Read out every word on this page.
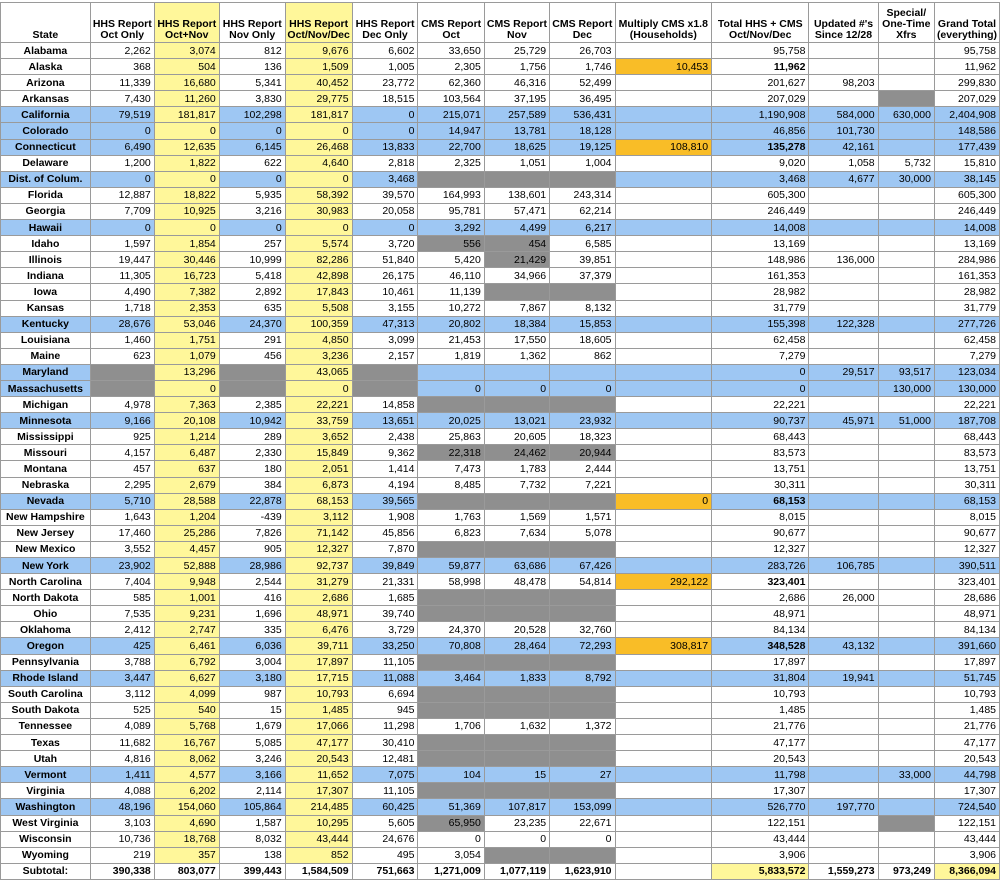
State	HHS Report Oct Only	HHS Report Oct+Nov	HHS Report Nov Only	HHS Report Oct/Nov/Dec	HHS Report Dec Only	CMS Report Oct	CMS Report Nov	CMS Report Dec	Multiply CMS x1.8 (Households)	Total HHS + CMS Oct/Nov/Dec	Updated #'s Since 12/28	Special/ One-Time Xfrs	Grand Total (everything)
Alabama	2,262	3,074	812	9,676	6,602	33,650	25,729	26,703		95,758			95,758
Alaska	368	504	136	1,509	1,005	2,305	1,756	1,746	10,453	11,962			11,962
Arizona	11,339	16,680	5,341	40,452	23,772	62,360	46,316	52,499		201,627	98,203		299,830
Arkansas	7,430	11,260	3,830	29,775	18,515	103,564	37,195	36,495		207,029			207,029
California	79,519	181,817	102,298	181,817	0	215,071	257,589	536,431		1,190,908	584,000	630,000	2,404,908
Colorado	0	0	0	0	0	14,947	13,781	18,128		46,856	101,730		148,586
Connecticut	6,490	12,635	6,145	26,468	13,833	22,700	18,625	19,125	108,810	135,278	42,161		177,439
Delaware	1,200	1,822	622	4,640	2,818	2,325	1,051	1,004		9,020	1,058	5,732	15,810
Dist. of Colum.	0	0	0	0	3,468					3,468	4,677	30,000	38,145
Florida	12,887	18,822	5,935	58,392	39,570	164,993	138,601	243,314		605,300			605,300
Georgia	7,709	10,925	3,216	30,983	20,058	95,781	57,471	62,214		246,449			246,449
Hawaii	0	0	0	0	0	3,292	4,499	6,217		14,008			14,008
Idaho	1,597	1,854	257	5,574	3,720	556	454	6,585		13,169			13,169
Illinois	19,447	30,446	10,999	82,286	51,840	5,420	21,429	39,851		148,986	136,000		284,986
Indiana	11,305	16,723	5,418	42,898	26,175	46,110	34,966	37,379		161,353			161,353
Iowa	4,490	7,382	2,892	17,843	10,461	11,139				28,982			28,982
Kansas	1,718	2,353	635	5,508	3,155	10,272	7,867	8,132		31,779			31,779
Kentucky	28,676	53,046	24,370	100,359	47,313	20,802	18,384	15,853		155,398	122,328		277,726
Louisiana	1,460	1,751	291	4,850	3,099	21,453	17,550	18,605		62,458			62,458
Maine	623	1,079	456	3,236	2,157	1,819	1,362	862		7,279			7,279
Maryland		13,296		43,065						0	29,517	93,517	123,034
Massachusetts		0		0		0	0	0		0		130,000	130,000
Michigan	4,978	7,363	2,385	22,221	14,858					22,221			22,221
Minnesota	9,166	20,108	10,942	33,759	13,651	20,025	13,021	23,932		90,737	45,971	51,000	187,708
Mississippi	925	1,214	289	3,652	2,438	25,863	20,605	18,323		68,443			68,443
Missouri	4,157	6,487	2,330	15,849	9,362	22,318	24,462	20,944		83,573			83,573
Montana	457	637	180	2,051	1,414	7,473	1,783	2,444		13,751			13,751
Nebraska	2,295	2,679	384	6,873	4,194	8,485	7,732	7,221		30,311			30,311
Nevada	5,710	28,588	22,878	68,153	39,565				0	68,153			68,153
New Hampshire	1,643	1,204	-439	3,112	1,908	1,763	1,569	1,571		8,015			8,015
New Jersey	17,460	25,286	7,826	71,142	45,856	6,823	7,634	5,078		90,677			90,677
New Mexico	3,552	4,457	905	12,327	7,870					12,327			12,327
New York	23,902	52,888	28,986	92,737	39,849	59,877	63,686	67,426		283,726	106,785		390,511
North Carolina	7,404	9,948	2,544	31,279	21,331	58,998	48,478	54,814	292,122	323,401			323,401
North Dakota	585	1,001	416	2,686	1,685					2,686	26,000		28,686
Ohio	7,535	9,231	1,696	48,971	39,740					48,971			48,971
Oklahoma	2,412	2,747	335	6,476	3,729	24,370	20,528	32,760		84,134			84,134
Oregon	425	6,461	6,036	39,711	33,250	70,808	28,464	72,293	308,817	348,528	43,132		391,660
Pennsylvania	3,788	6,792	3,004	17,897	11,105					17,897			17,897
Rhode Island	3,447	6,627	3,180	17,715	11,088	3,464	1,833	8,792		31,804	19,941		51,745
South Carolina	3,112	4,099	987	10,793	6,694					10,793			10,793
South Dakota	525	540	15	1,485	945					1,485			1,485
Tennessee	4,089	5,768	1,679	17,066	11,298	1,706	1,632	1,372		21,776			21,776
Texas	11,682	16,767	5,085	47,177	30,410					47,177			47,177
Utah	4,816	8,062	3,246	20,543	12,481					20,543			20,543
Vermont	1,411	4,577	3,166	11,652	7,075	104	15	27		11,798		33,000	44,798
Virginia	4,088	6,202	2,114	17,307	11,105					17,307			17,307
Washington	48,196	154,060	105,864	214,485	60,425	51,369	107,817	153,099		526,770	197,770		724,540
West Virginia	3,103	4,690	1,587	10,295	5,605	65,950	23,235	22,671		122,151			122,151
Wisconsin	10,736	18,768	8,032	43,444	24,676	0	0	0		43,444			43,444
Wyoming	219	357	138	852	495	3,054				3,906			3,906
Subtotal:	390,338	803,077	399,443	1,584,509	751,663	1,271,009	1,077,119	1,623,910		5,833,572	1,559,273	973,249	8,366,094
